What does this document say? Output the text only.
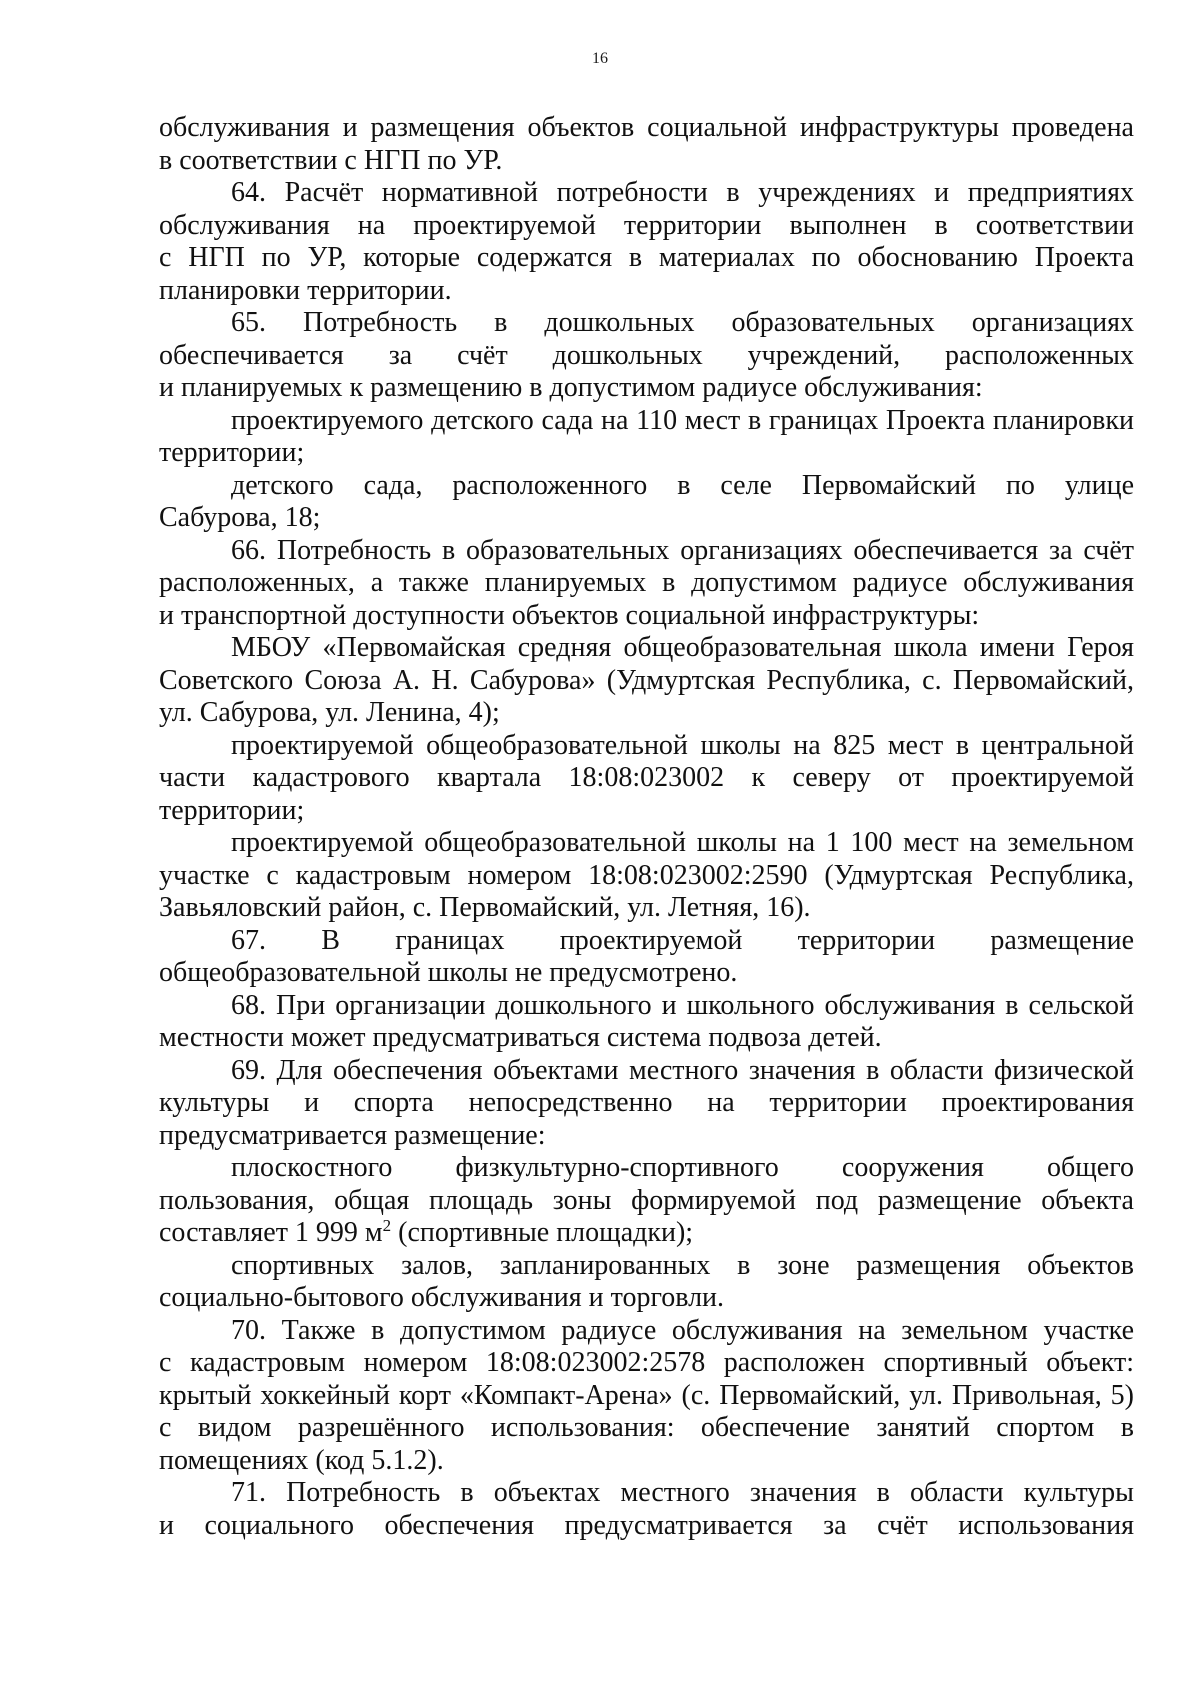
16
обслуживания и размещения объектов социальной инфраструктуры проведена
в соответствии с НГП по УР.
64. Расчёт нормативной потребности в учреждениях и предприятиях
обслуживания на проектируемой территории выполнен в соответствии
с НГП по УР, которые содержатся в материалах по обоснованию Проекта
планировки территории.
65. Потребность в дошкольных образовательных организациях
обеспечивается за счёт дошкольных учреждений, расположенных
и планируемых к размещению в допустимом радиусе обслуживания:
проектируемого детского сада на 110 мест в границах Проекта планировки
территории;
детского сада, расположенного в селе Первомайский по улице
Сабурова, 18;
66. Потребность в образовательных организациях обеспечивается за счёт
расположенных, а также планируемых в допустимом радиусе обслуживания
и транспортной доступности объектов социальной инфраструктуры:
МБОУ «Первомайская средняя общеобразовательная школа имени Героя
Советского Союза А. Н. Сабурова» (Удмуртская Республика, с. Первомайский,
ул. Сабурова, ул. Ленина, 4);
проектируемой общеобразовательной школы на 825 мест в центральной
части кадастрового квартала 18:08:023002 к северу от проектируемой
территории;
проектируемой общеобразовательной школы на 1 100 мест на земельном
участке с кадастровым номером 18:08:023002:2590 (Удмуртская Республика,
Завьяловский район, с. Первомайский, ул. Летняя, 16).
67. В границах проектируемой территории размещение
общеобразовательной школы не предусмотрено.
68. При организации дошкольного и школьного обслуживания в сельской
местности может предусматриваться система подвоза детей.
69. Для обеспечения объектами местного значения в области физической
культуры и спорта непосредственно на территории проектирования
предусматривается размещение:
плоскостного физкультурно-спортивного сооружения общего
пользования, общая площадь зоны формируемой под размещение объекта
составляет 1 999 $м^2$ (спортивные площадки);
спортивных залов, запланированных в зоне размещения объектов
социально-бытового обслуживания и торговли.
70. Также в допустимом радиусе обслуживания на земельном участке
с кадастровым номером 18:08:023002:2578 расположен спортивный объект:
крытый хоккейный корт «Компакт-Арена» (с. Первомайский, ул. Привольная, 5)
с видом разрешённого использования: обеспечение занятий спортом в
помещениях (код 5.1.2).
71. Потребность в объектах местного значения в области культуры
и социального обеспечения предусматривается за счёт использования
